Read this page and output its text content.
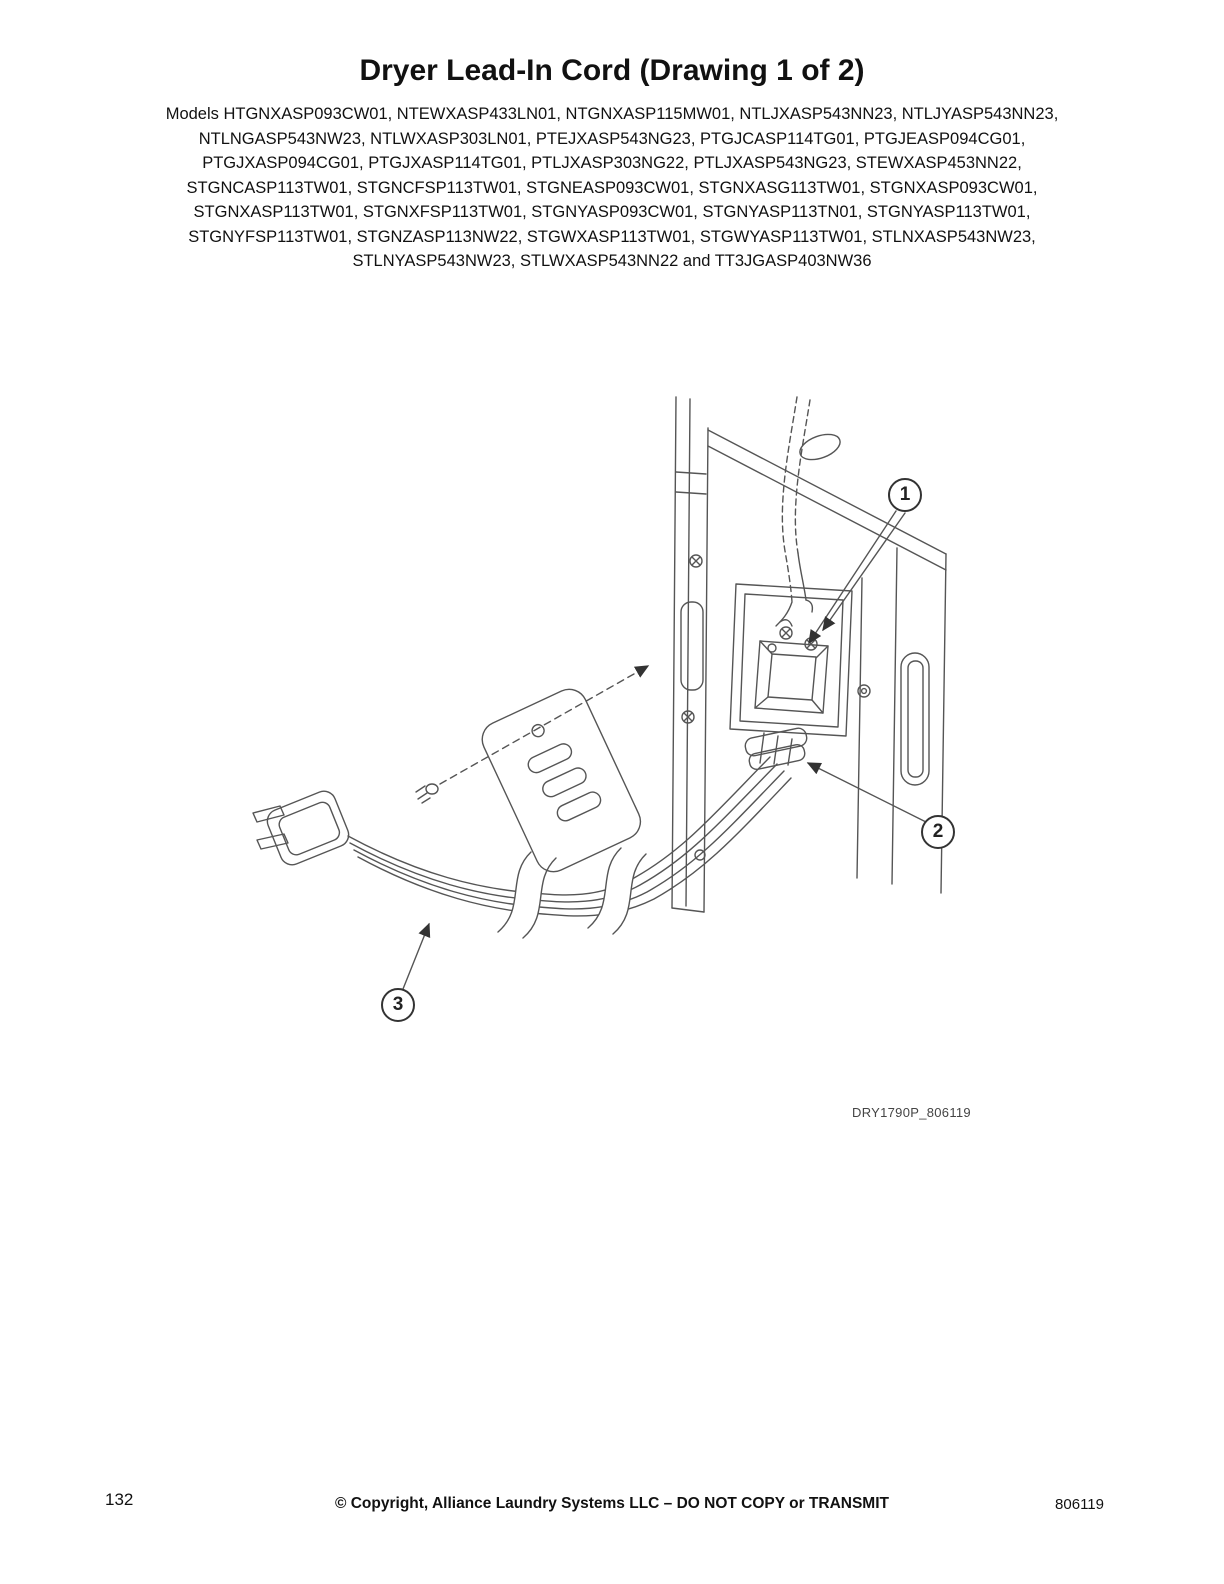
Dryer Lead-In Cord (Drawing 1 of 2)
Models HTGNXASP093CW01, NTEWXASP433LN01, NTGNXASP115MW01, NTLJXASP543NN23, NTLJYASP543NN23,
NTLNGASP543NW23, NTLWXASP303LN01, PTEJXASP543NG23, PTGJCASP114TG01, PTGJEASP094CG01,
PTGJXASP094CG01, PTGJXASP114TG01, PTLJXASP303NG22, PTLJXASP543NG23, STEWXASP453NN22,
STGNCASP113TW01, STGNCFSP113TW01, STGNEASP093CW01, STGNXASG113TW01, STGNXASP093CW01,
STGNXASP113TW01, STGNXFSP113TW01, STGNYASP093CW01, STGNYASP113TN01, STGNYASP113TW01,
STGNYFSP113TW01, STGNZASP113NW22, STGWXASP113TW01, STGWYASP113TW01, STLNXASP543NW23,
STLNYASP543NW23, STLWXASP543NN22 and TT3JGASP403NW36
1
2
3
DRY1790P_806119
132	© Copyright, Alliance Laundry Systems LLC – DO NOT COPY or TRANSMIT	806119
